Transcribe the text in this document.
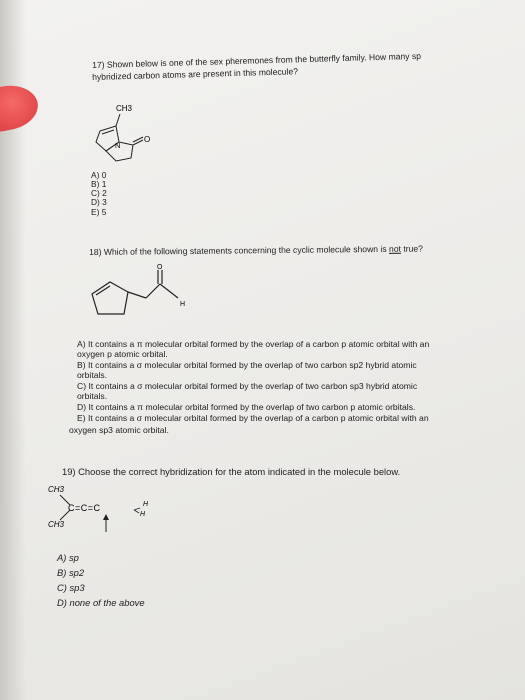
17) Shown below is one of the sex pheremones from the butterfly family. How many sp
hybridized carbon atoms are present in this molecule?
CH3
O
N
A) 0
B) 1
C) 2
D) 3
E) 5
18) Which of the following statements concerning the cyclic molecule shown is not true?
O
H
A) It contains a π molecular orbital formed by the overlap of a carbon p atomic orbital with an
oxygen p atomic orbital.
B) It contains a σ molecular orbital formed by the overlap of two carbon sp2 hybrid atomic
orbitals.
C) It contains a σ molecular orbital formed by the overlap of two carbon sp3 hybrid atomic
orbitals.
D) It contains a π molecular orbital formed by the overlap of two carbon p atomic orbitals.
E) It contains a σ molecular orbital formed by the overlap of a carbon p atomic orbital with an
oxygen sp3 atomic orbital.
19) Choose the correct hybridization for the atom indicated in the molecule below.
CH3
CH3
C=C=C	H
H
A) sp
B) sp2
C) sp3
D) none of the above
